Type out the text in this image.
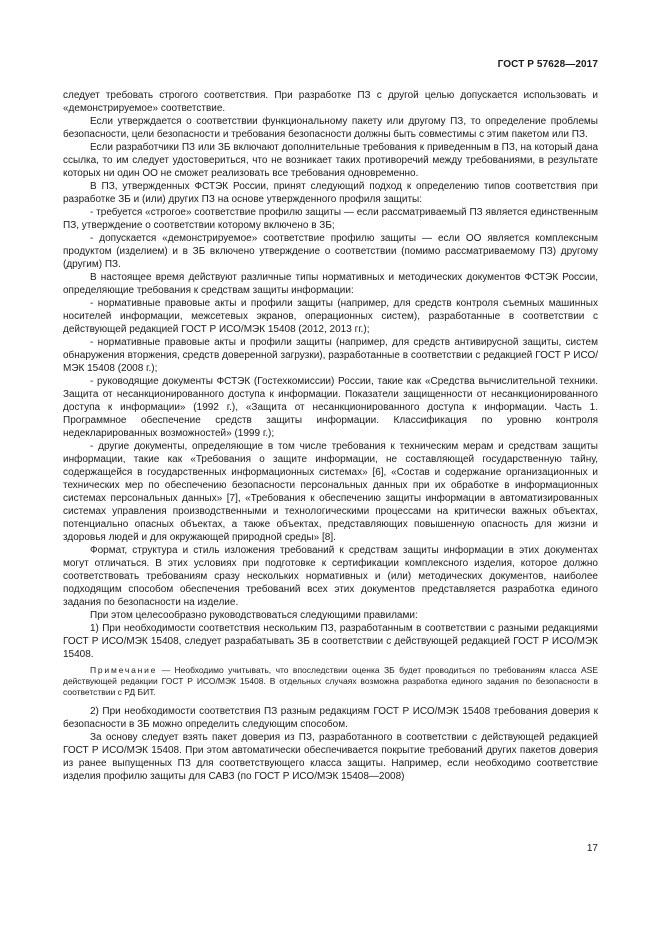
ГОСТ Р 57628—2017

следует требовать строгого соответствия. При разработке ПЗ с другой целью допускается использовать и «демонстрируемое» соответствие.

Если утверждается о соответствии функциональному пакету или другому ПЗ, то определение проблемы безопасности, цели безопасности и требования безопасности должны быть совместимы с этим пакетом или ПЗ.

Если разработчики ПЗ или ЗБ включают дополнительные требования к приведенным в ПЗ, на который дана ссылка, то им следует удостовериться, что не возникает таких противоречий между требованиями, в результате которых ни один ОО не сможет реализовать все требования одновременно.

В ПЗ, утвержденных ФСТЭК России, принят следующий подход к определению типов соответствия при разработке ЗБ и (или) других ПЗ на основе утвержденного профиля защиты:

- требуется «строгое» соответствие профилю защиты — если рассматриваемый ПЗ является единственным ПЗ, утверждение о соответствии которому включено в ЗБ;

- допускается «демонстрируемое» соответствие профилю защиты — если ОО является комплексным продуктом (изделием) и в ЗБ включено утверждение о соответствии (помимо рассматриваемому ПЗ) другому (другим) ПЗ.

В настоящее время действуют различные типы нормативных и методических документов ФСТЭК России, определяющие требования к средствам защиты информации:

- нормативные правовые акты и профили защиты (например, для средств контроля съемных машинных носителей информации, межсетевых экранов, операционных систем), разработанные в соответствии с действующей редакцией ГОСТ Р ИСО/МЭК 15408 (2012, 2013 гг.);

- нормативные правовые акты и профили защиты (например, для средств антивирусной защиты, систем обнаружения вторжения, средств доверенной загрузки), разработанные в соответствии с редакцией ГОСТ Р ИСО/МЭК 15408 (2008 г.);

- руководящие документы ФСТЭК (Гостехкомиссии) России, такие как «Средства вычислительной техники. Защита от несанкционированного доступа к информации. Показатели защищенности от несанкционированного доступа к информации» (1992 г.), «Защита от несанкционированного доступа к информации. Часть 1. Программное обеспечение средств защиты информации. Классификация по уровню контроля недекларированных возможностей» (1999 г.);

- другие документы, определяющие в том числе требования к техническим мерам и средствам защиты информации, такие как «Требования о защите информации, не составляющей государственную тайну, содержащейся в государственных информационных системах» [6], «Состав и содержание организационных и технических мер по обеспечению безопасности персональных данных при их обработке в информационных системах персональных данных» [7], «Требования к обеспечению защиты информации в автоматизированных системах управления производственными и технологическими процессами на критически важных объектах, потенциально опасных объектах, а также объектах, представляющих повышенную опасность для жизни и здоровья людей и для окружающей природной среды» [8].

Формат, структура и стиль изложения требований к средствам защиты информации в этих документах могут отличаться. В этих условиях при подготовке к сертификации комплексного изделия, которое должно соответствовать требованиям сразу нескольких нормативных и (или) методических документов, наиболее подходящим способом обеспечения требований всех этих документов представляется разработка единого задания по безопасности на изделие.

При этом целесообразно руководствоваться следующими правилами:

1) При необходимости соответствия нескольким ПЗ, разработанным в соответствии с разными редакциями ГОСТ Р ИСО/МЭК 15408, следует разрабатывать ЗБ в соответствии с действующей редакцией ГОСТ Р ИСО/МЭК 15408.

Примечание — Необходимо учитывать, что впоследствии оценка ЗБ будет проводиться по требованиям класса ASE действующей редакции ГОСТ Р ИСО/МЭК 15408. В отдельных случаях возможна разработка единого задания по безопасности в соответствии с РД БИТ.

2) При необходимости соответствия ПЗ разным редакциям ГОСТ Р ИСО/МЭК 15408 требования доверия к безопасности в ЗБ можно определить следующим способом.

За основу следует взять пакет доверия из ПЗ, разработанного в соответствии с действующей редакцией ГОСТ Р ИСО/МЭК 15408. При этом автоматически обеспечивается покрытие требований других пакетов доверия из ранее выпущенных ПЗ для соответствующего класса защиты. Например, если необходимо соответствие изделия профилю защиты для САВЗ (по ГОСТ Р ИСО/МЭК 15408—2008)

17
